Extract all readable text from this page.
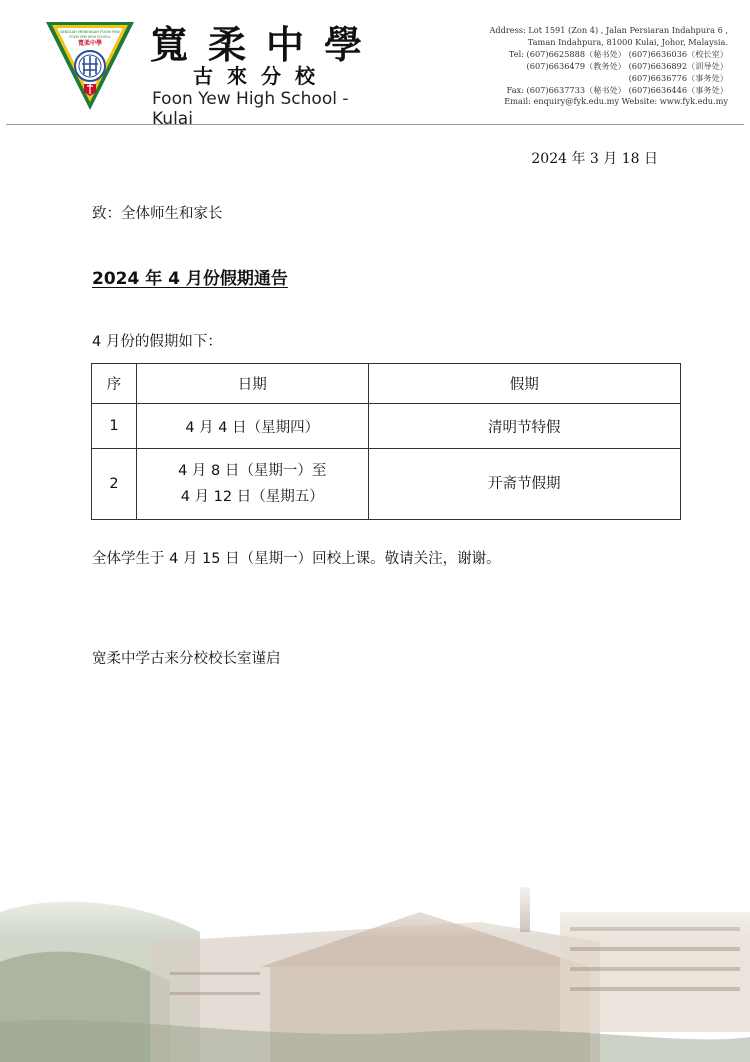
SEKOLAH MENENGAH FOON YEW
FOON YEW HIGH SCHOOL
寬柔中學 寬柔中學
古來分校
Foon Yew High School - Kulai
Address: Lot 1591 (Zon 4) , Jalan Persiaran Indahpura 6 ,
Taman Indahpura, 81000 Kulai, Johor, Malaysia.
Tel: (607)6625888（秘书处） (607)6636036（校长室）
(607)6636479（教务处） (607)6636892（训导处）
(607)6636776（事务处）
Fax: (607)6637733（秘书处） (607)6636446（事务处）
Email: enquiry@fyk.edu.my Website: www.fyk.edu.my
2024 年 3 月 18 日
致：全体师生和家长
2024 年 4 月份假期通告
4 月份的假期如下：
序	日期	假期
1	4 月 4 日（星期四）	清明节特假
2	4 月 8 日（星期一）至
4 月 12 日（星期五）	开斋节假期
全体学生于 4 月 15 日（星期一）回校上课。敬请关注，谢谢。
宽柔中学古来分校校长室谨启
